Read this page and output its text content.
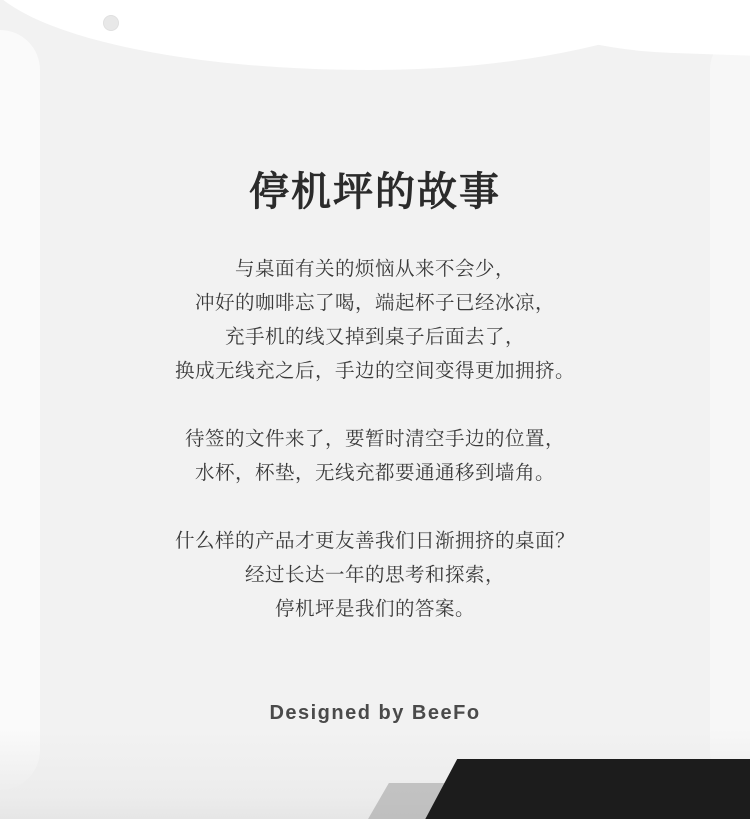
停机坪的故事
与桌面有关的烦恼从来不会少，
冲好的咖啡忘了喝，端起杯子已经冰凉，
充手机的线又掉到桌子后面去了，
换成无线充之后，手边的空间变得更加拥挤。
待签的文件来了，要暂时清空手边的位置，
水杯，杯垫，无线充都要通通移到墙角。
什么样的产品才更友善我们日渐拥挤的桌面？
经过长达一年的思考和探索，
停机坪是我们的答案。
Designed by BeeFo
